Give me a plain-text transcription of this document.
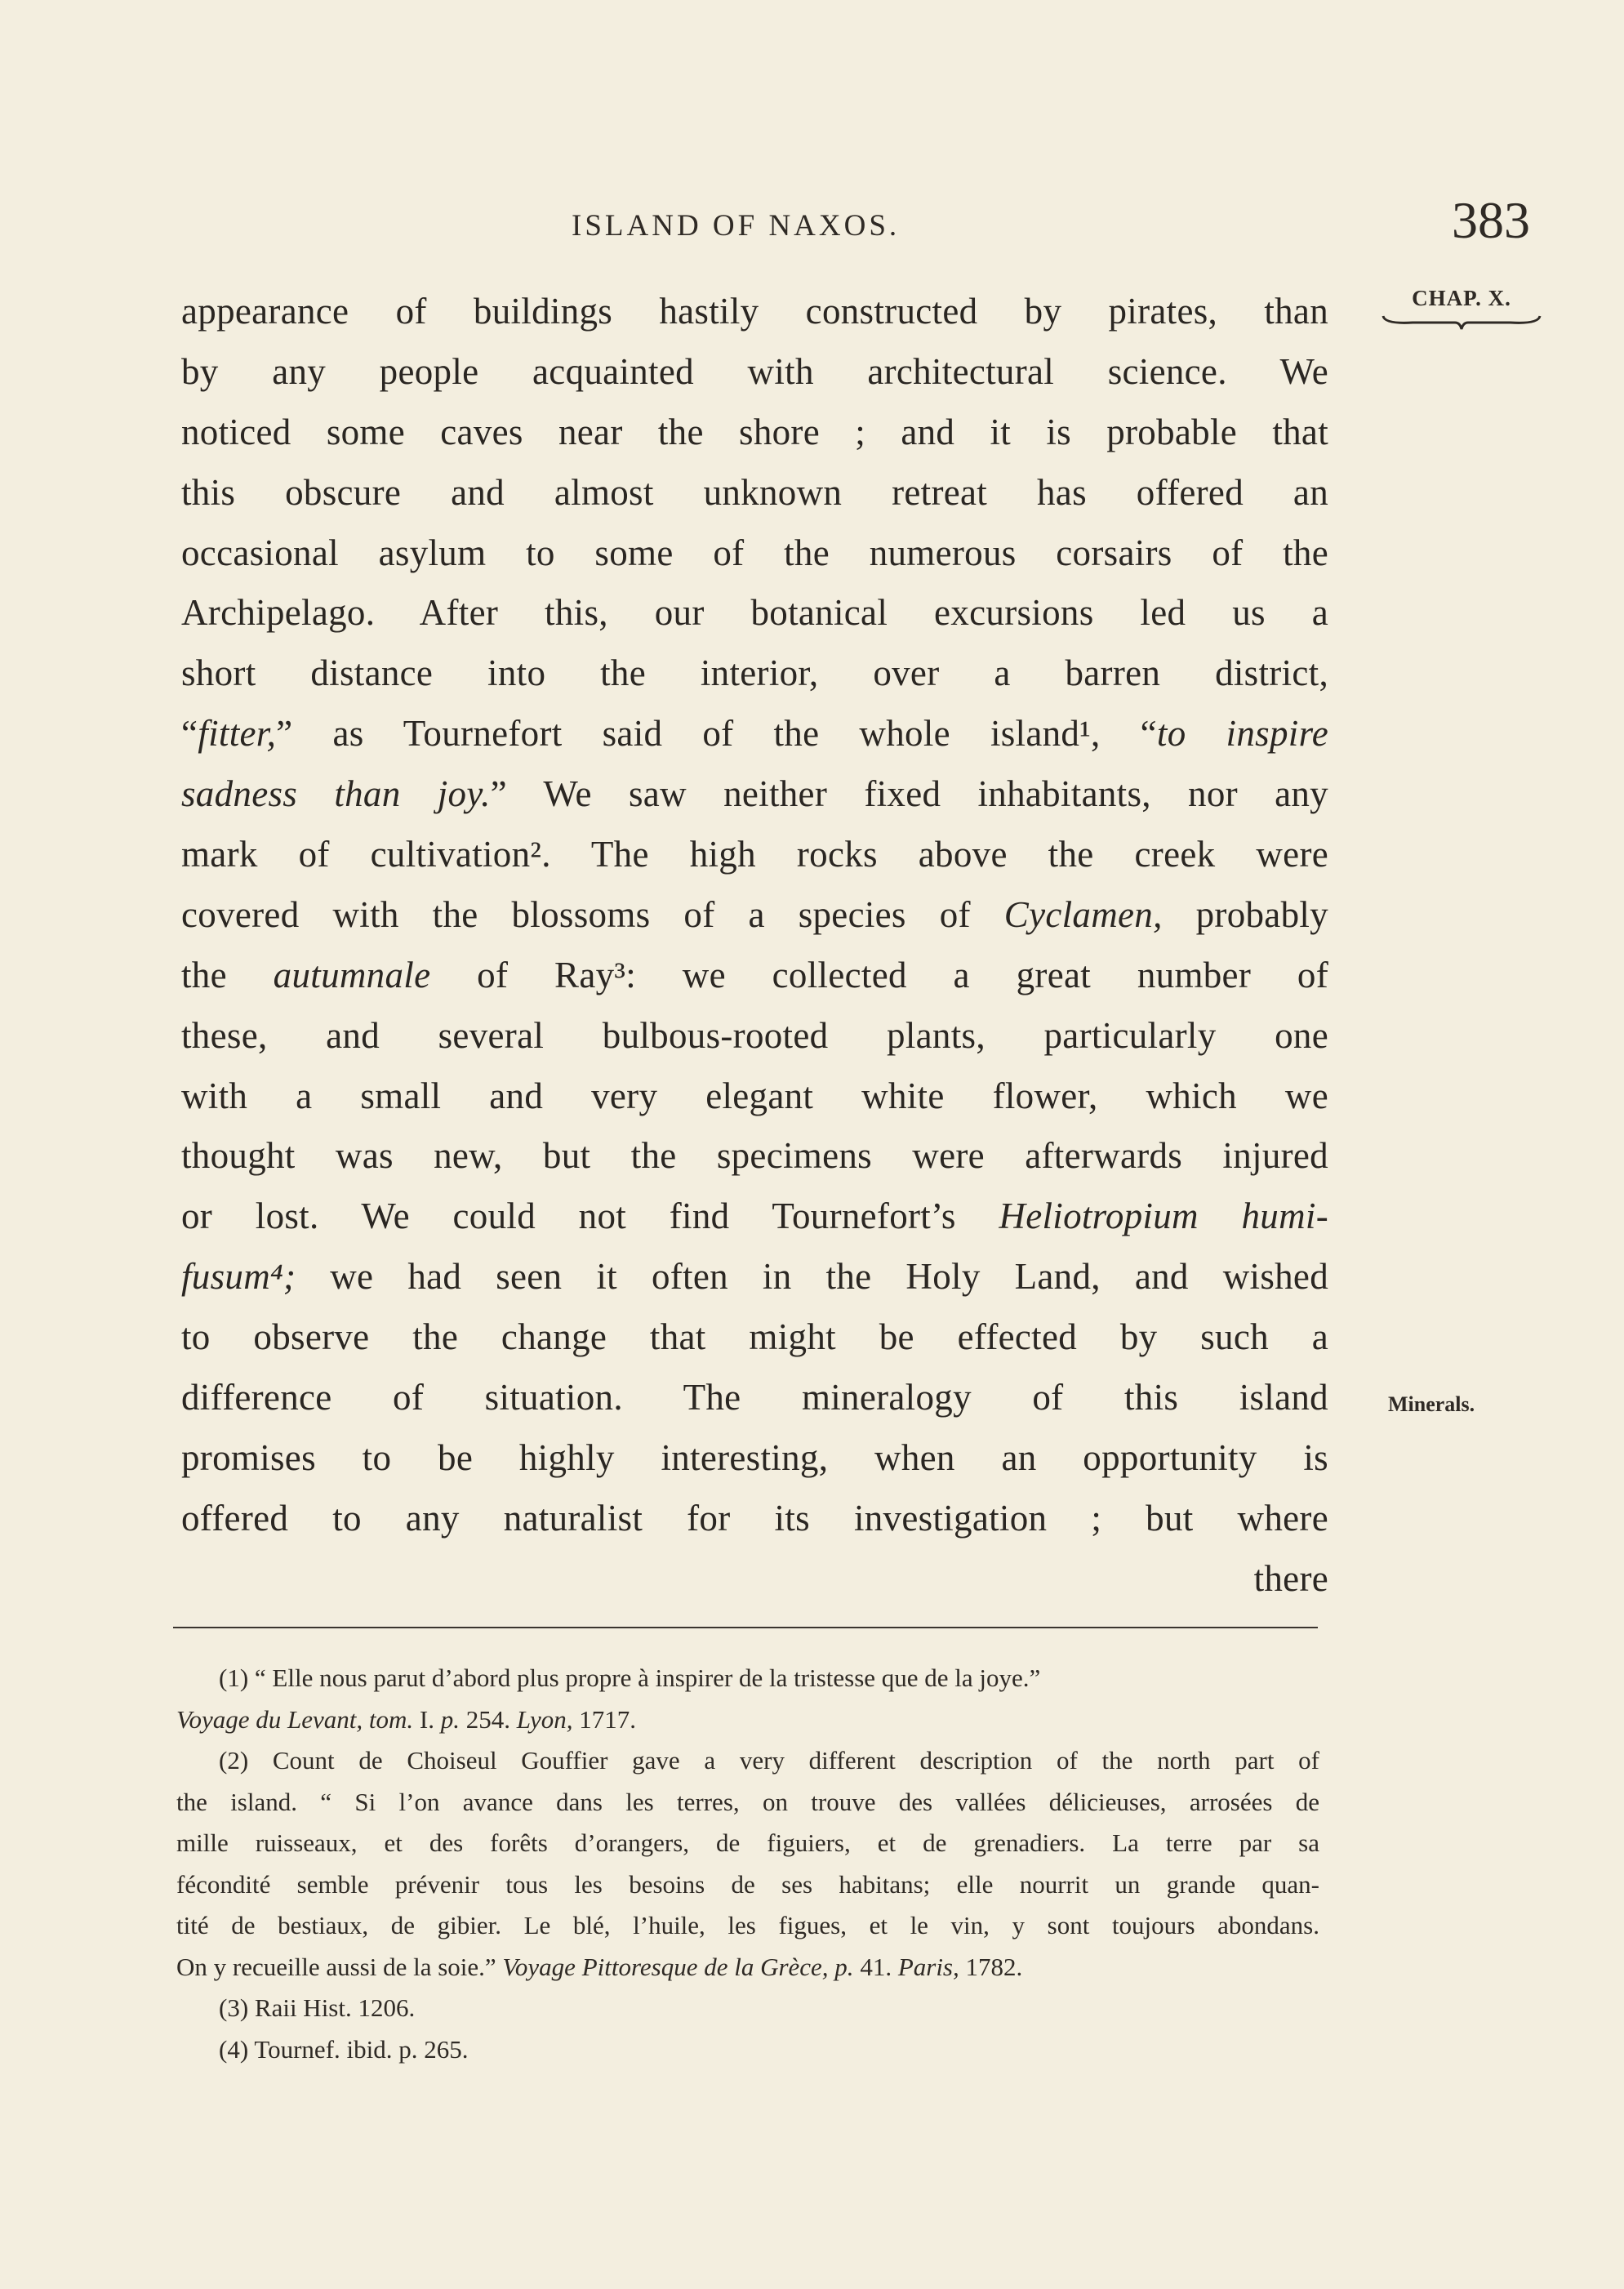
ISLAND OF NAXOS.	383
CHAP. X.
Minerals.
appearance of buildings hastily constructed by pirates, than
by any people acquainted with architectural science. We
noticed some caves near the shore ; and it is probable that
this obscure and almost unknown retreat has offered an
occasional asylum to some of the numerous corsairs of the
Archipelago. After this, our botanical excursions led us a
short distance into the interior, over a barren district,
“fitter,” as Tournefort said of the whole island¹, “to inspire
sadness than joy.” We saw neither fixed inhabitants, nor any
mark of cultivation². The high rocks above the creek were
covered with the blossoms of a species of Cyclamen, probably
the autumnale of Ray³: we collected a great number of
these, and several bulbous-rooted plants, particularly one
with a small and very elegant white flower, which we
thought was new, but the specimens were afterwards injured
or lost. We could not find Tournefort’s Heliotropium humi-
fusum⁴; we had seen it often in the Holy Land, and wished
to observe the change that might be effected by such a
difference of situation. The mineralogy of this island
promises to be highly interesting, when an opportunity is
offered to any naturalist for its investigation ; but where
there
(1) “ Elle nous parut d’abord plus propre à inspirer de la tristesse que de la joye.”
Voyage du Levant, tom. I. p. 254. Lyon, 1717.
(2) Count de Choiseul Gouffier gave a very different description of the north part of
the island. “ Si l’on avance dans les terres, on trouve des vallées délicieuses, arrosées de
mille ruisseaux, et des forêts d’orangers, de figuiers, et de grenadiers. La terre par sa
fécondité semble prévenir tous les besoins de ses habitans; elle nourrit un grande quan-
tité de bestiaux, de gibier. Le blé, l’huile, les figues, et le vin, y sont toujours abondans.
On y recueille aussi de la soie.” Voyage Pittoresque de la Grèce, p. 41. Paris, 1782.
(3) Raii Hist. 1206.
(4) Tournef. ibid. p. 265.
